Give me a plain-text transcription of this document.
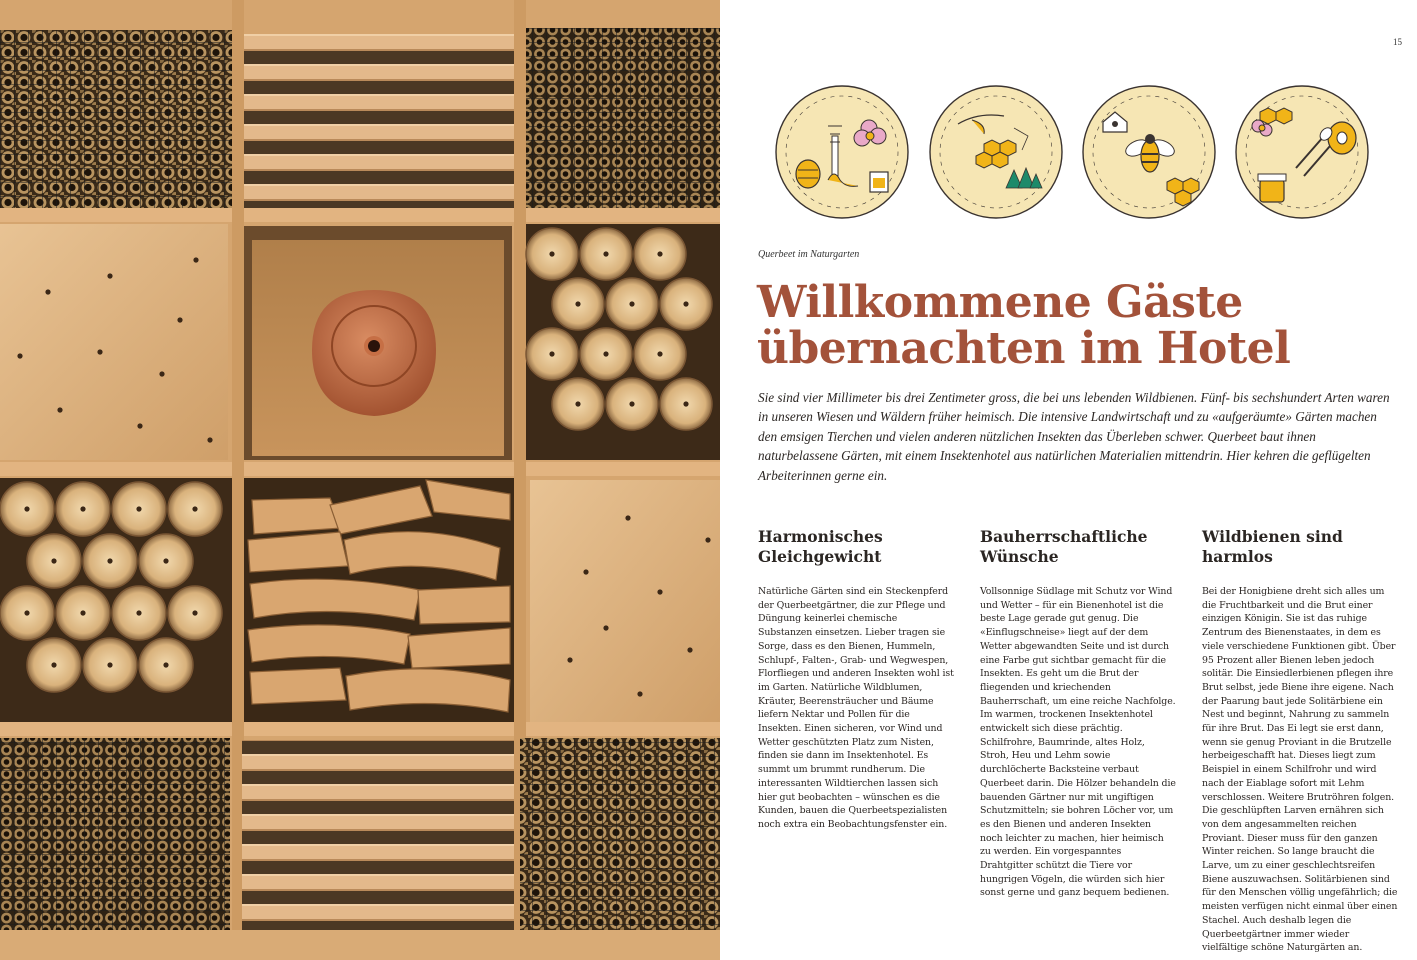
15
Querbeet im Naturgarten
Willkommene Gäste
übernachten im Hotel

Sie sind vier Millimeter bis drei Zentimeter gross, die bei uns lebenden Wildbienen. Fünf- bis sechshundert Arten waren in unseren Wiesen und Wäldern früher heimisch. Die intensive Landwirtschaft und zu «aufgeräumte» Gärten machen den emsigen Tierchen und vielen anderen nützlichen Insekten das Überleben schwer. Querbeet baut ihnen naturbelassene Gärten, mit einem Insektenhotel aus natürlichen Materialien mittendrin. Hier kehren die geflügelten Arbeiterinnen gerne ein.

Harmonisches Gleichgewicht

Natürliche Gärten sind ein Steckenpferd der Querbeetgärtner, die zur Pflege und Düngung keinerlei chemische Substanzen einsetzen. Lieber tragen sie Sorge, dass es den Bienen, Hummeln, Schlupf-, Falten-, Grab- und Wegwespen, Florfliegen und anderen Insekten wohl ist im Garten. Natürliche Wildblumen, Kräuter, Beerensträucher und Bäume liefern Nektar und Pollen für die Insekten. Einen sicheren, vor Wind und Wetter geschützten Platz zum Nisten, finden sie dann im Insektenhotel. Es summt um brummt rundherum. Die interessanten Wildtierchen lassen sich hier gut beobachten – wünschen es die Kunden, bauen die Querbeetspezialisten noch extra ein Beobachtungsfenster ein.

Bauherrschaftliche Wünsche

Vollsonnige Südlage mit Schutz vor Wind und Wetter – für ein Bienenhotel ist die beste Lage gerade gut genug. Die «Einflugschneise» liegt auf der dem Wetter abgewandten Seite und ist durch eine Farbe gut sichtbar gemacht für die Insekten. Es geht um die Brut der fliegenden und kriechenden Bauherrschaft, um eine reiche Nachfolge. Im warmen, trockenen Insektenhotel entwickelt sich diese prächtig. Schilfrohre, Baumrinde, altes Holz, Stroh, Heu und Lehm sowie durchlöcherte Backsteine verbaut Querbeet darin. Die Hölzer behandeln die bauenden Gärtner nur mit ungiftigen Schutzmitteln; sie bohren Löcher vor, um es den Bienen und anderen Insekten noch leichter zu machen, hier heimisch zu werden. Ein vorgespanntes Drahtgitter schützt die Tiere vor hungrigen Vögeln, die würden sich hier sonst gerne und ganz bequem bedienen.

Wildbienen sind harmlos

Bei der Honigbiene dreht sich alles um die Fruchtbarkeit und die Brut einer einzigen Königin. Sie ist das ruhige Zentrum des Bienenstaates, in dem es viele verschiedene Funktionen gibt. Über 95 Prozent aller Bienen leben jedoch solitär. Die Einsiedlerbienen pflegen ihre Brut selbst, jede Biene ihre eigene. Nach der Paarung baut jede Solitärbiene ein Nest und beginnt, Nahrung zu sammeln für ihre Brut. Das Ei legt sie erst dann, wenn sie genug Proviant in die Brutzelle herbeigeschafft hat. Dieses liegt zum Beispiel in einem Schilfrohr und wird nach der Eiablage sofort mit Lehm verschlossen. Weitere Brutröhren folgen. Die geschlüpften Larven ernähren sich von dem angesammelten reichen Proviant. Dieser muss für den ganzen Winter reichen. So lange braucht die Larve, um zu einer geschlechtsreifen Biene auszuwachsen. Solitärbienen sind für den Menschen völlig ungefährlich; die meisten verfügen nicht einmal über einen Stachel. Auch deshalb legen die Querbeetgärtner immer wieder vielfältige schöne Naturgärten an.
